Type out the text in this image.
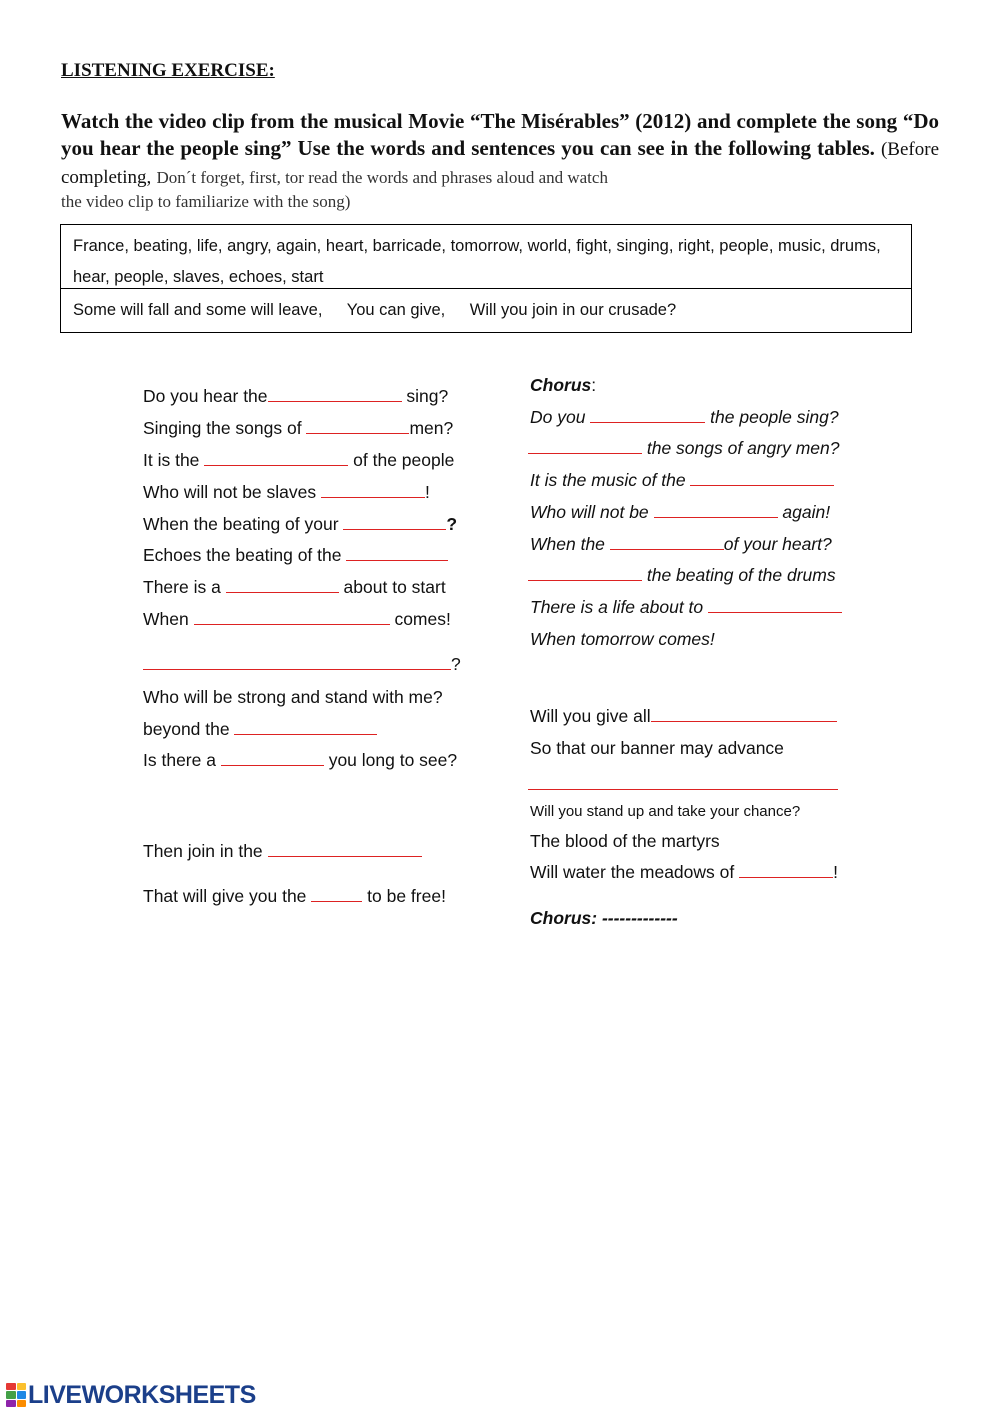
LISTENING EXERCISE:
Watch the video clip from the musical Movie “The Misérables” (2012) and complete the song “Do you hear the people sing” Use the words and sentences you can see in the following tables. (Before completing, Don´t forget, first, tor read the words and phrases aloud and watch
the video clip to familiarize with the song)
France, beating, life, angry, again, heart, barricade, tomorrow, world, fight, singing, right, people, music, drums, hear, people, slaves, echoes, start
Some will fall and some will leave, You can give, Will you join in our crusade?
Do you hear the	sing?
Singing the songs of	men?
It is the	of the people
Who will not be slaves	!
When the beating of your	?
Echoes the beating of the
There is a	about to start
When	comes!
?
Who will be strong and stand with me?
beyond the
Is there a	you long to see?
Then join in the
That will give you the	to be free!
Chorus:
Do you	the people sing?
the songs of angry men?
It is the music of the
Who will not be	again!
When the	of your heart?
the beating of the drums
There is a life about to
When tomorrow comes!
Will you give all
So that our banner may advance
Will you stand up and take your chance?
The blood of the martyrs
Will water the meadows of	!
Chorus: -------------
LIVEWORKSHEETS
